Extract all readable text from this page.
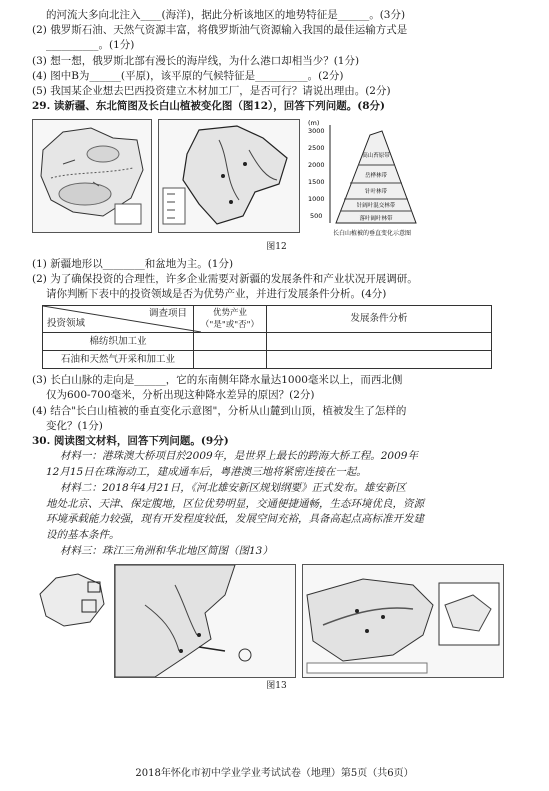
的河流大多向北注入____(海洋)，据此分析该地区的地势特征是______。(3分)
(2) 俄罗斯石油、天然气资源丰富，将俄罗斯油气资源输入我国的最佳运输方式是
__________。(1分)
(3) 想一想，俄罗斯北部有漫长的海岸线，为什么港口却相当少？(1分)
(4) 图中B为______(平原)，该平原的气候特征是__________。(2分)
(5) 我国某企业想去巴西投资建立木材加工厂，是否可行？请说出理由。(2分)
29. 读新疆、东北简图及长白山植被变化图（图12），回答下列问题。(8分)
(m)
3000
2500
2000
1500
1000
500
高山苔原带
岳桦林带
针叶林带
针阔叶混交林带
落叶阔叶林带
长白山植被的垂直变化示意图
图12
(1) 新疆地形以________和盆地为主。(1分)
(2) 为了确保投资的合理性，许多企业需要对新疆的发展条件和产业状况开展调研。
请你判断下表中的投资领域是否为优势产业，并进行发展条件分析。(4分)
调查项目
投资领域	优势产业（"是"或"否"）	发展条件分析
棉纺织加工业		
石油和天然气开采和加工业		
(3) 长白山脉的走向是______，它的东南侧年降水量达1000毫米以上，而西北侧
仅为600-700毫米，分析出现这种降水差异的原因？(2分)
(4) 结合"长白山植被的垂直变化示意图"，分析从山麓到山顶，植被发生了怎样的
变化？(1分)
30. 阅读图文材料，回答下列问题。(9分)
材料一：港珠澳大桥项目於2009年，是世界上最长的跨海大桥工程。2009年
12月15日在珠海动工，建成通车后，粤港澳三地将紧密连接在一起。
材料二：2018年4月21日，《河北雄安新区规划纲要》正式发布。雄安新区
地处北京、天津、保定腹地，区位优势明显，交通便捷通畅，生态环境优良，资源
环境承载能力较强，现有开发程度较低，发展空间充裕，具备高起点高标准开发建
设的基本条件。
材料三：珠江三角洲和华北地区简图（图13）
图13
2018年怀化市初中学业学业考试试卷（地理）第5页（共6页）
